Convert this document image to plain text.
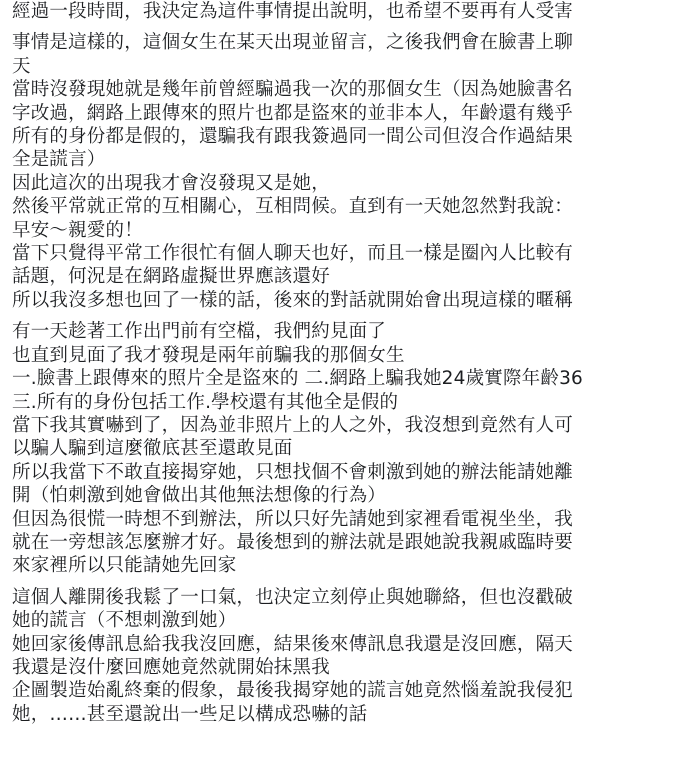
經過一段時間，我決定為這件事情提出說明，也希望不要再有人受害
事情是這樣的，這個女生在某天出現並留言，之後我們會在臉書上聊
天
當時沒發現她就是幾年前曾經騙過我一次的那個女生（因為她臉書名
字改過，網路上跟傳來的照片也都是盜來的並非本人，年齡還有幾乎
所有的身份都是假的，還騙我有跟我簽過同一間公司但沒合作過結果
全是謊言）
因此這次的出現我才會沒發現又是她，
然後平常就正常的互相關心，互相問候。直到有一天她忽然對我說：
早安～親愛的！
當下只覺得平常工作很忙有個人聊天也好，而且一樣是圈內人比較有
話題，何況是在網路虛擬世界應該還好
所以我沒多想也回了一樣的話，後來的對話就開始會出現這樣的暱稱
有一天趁著工作出門前有空檔，我們約見面了
也直到見面了我才發現是兩年前騙我的那個女生
一.臉書上跟傳來的照片全是盜來的 二.網路上騙我她24歲實際年齡36
三.所有的身份包括工作.學校還有其他全是假的
當下我其實嚇到了，因為並非照片上的人之外，我沒想到竟然有人可
以騙人騙到這麼徹底甚至還敢見面
所以我當下不敢直接揭穿她，只想找個不會刺激到她的辦法能請她離
開（怕刺激到她會做出其他無法想像的行為）
但因為很慌一時想不到辦法，所以只好先請她到家裡看電視坐坐，我
就在一旁想該怎麼辦才好。最後想到的辦法就是跟她說我親戚臨時要
來家裡所以只能請她先回家
這個人離開後我鬆了一口氣，也決定立刻停止與她聯絡，但也沒戳破
她的謊言（不想刺激到她）
她回家後傳訊息給我我沒回應，結果後來傳訊息我還是沒回應，隔天
我還是沒什麼回應她竟然就開始抹黑我
企圖製造始亂終棄的假象，最後我揭穿她的謊言她竟然惱羞說我侵犯
她，……甚至還說出一些足以構成恐嚇的話
